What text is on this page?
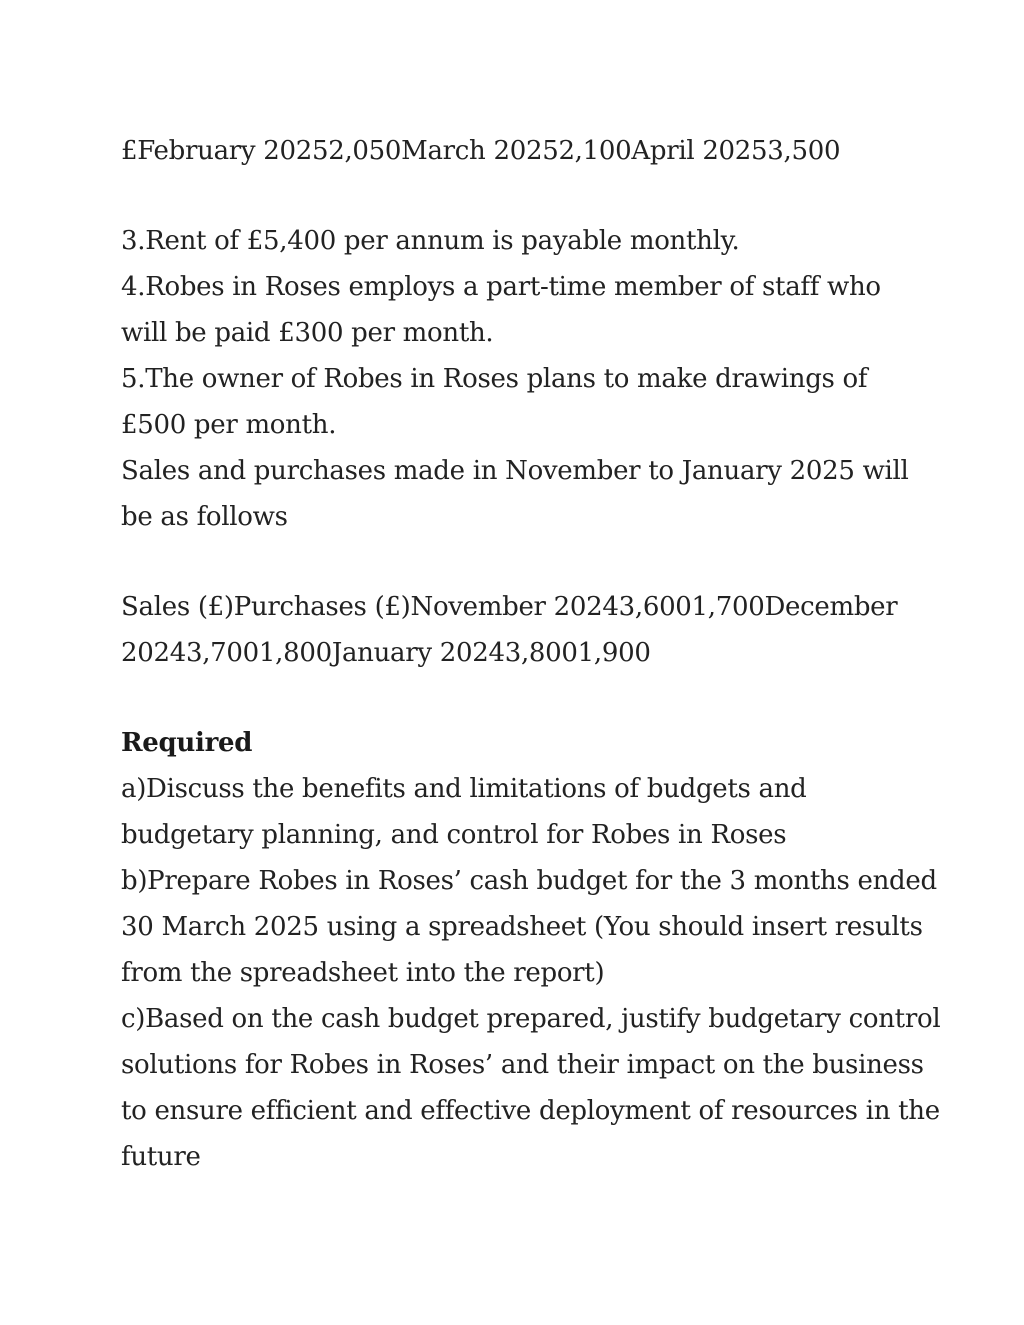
£February 20252,050March 20252,100April 20253,500
3.Rent of £5,400 per annum is payable monthly.
4.Robes in Roses employs a part-time member of staff who
will be paid £300 per month.
5.The owner of Robes in Roses plans to make drawings of
£500 per month.
Sales and purchases made in November to January 2025 will
be as follows
Sales (£)Purchases (£)November 20243,6001,700December
20243,7001,800January 20243,8001,900
Required
a)Discuss the benefits and limitations of budgets and
budgetary planning, and control for Robes in Roses
b)Prepare Robes in Roses’ cash budget for the 3 months ended
30 March 2025 using a spreadsheet (You should insert results
from the spreadsheet into the report)
c)Based on the cash budget prepared, justify budgetary control
solutions for Robes in Roses’ and their impact on the business
to ensure efficient and effective deployment of resources in the
future
